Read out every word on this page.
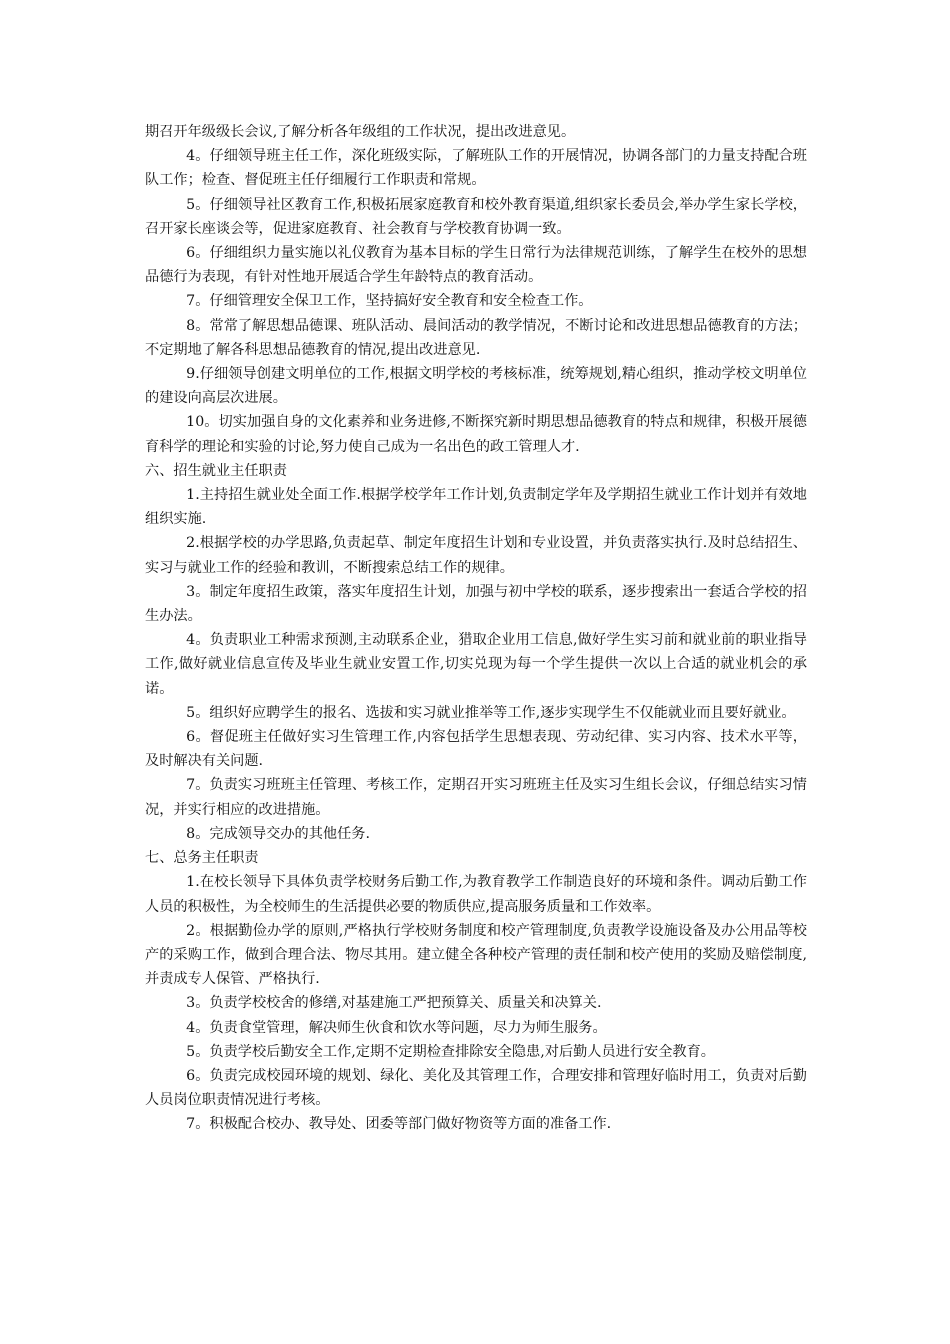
期召开年级级长会议,了解分析各年级组的工作状况，提出改进意见。

4。仔细领导班主任工作，深化班级实际，了解班队工作的开展情况，协调各部门的力量支持配合班队工作；检查、督促班主任仔细履行工作职责和常规。

5。仔细领导社区教育工作,积极拓展家庭教育和校外教育渠道,组织家长委员会,举办学生家长学校，召开家长座谈会等，促进家庭教育、社会教育与学校教育协调一致。

6。仔细组织力量实施以礼仪教育为基本目标的学生日常行为法律规范训练，了解学生在校外的思想品德行为表现，有针对性地开展适合学生年龄特点的教育活动。

7。仔细管理安全保卫工作，坚持搞好安全教育和安全检查工作。

8。常常了解思想品德课、班队活动、晨间活动的教学情况，不断讨论和改进思想品德教育的方法；不定期地了解各科思想品德教育的情况,提出改进意见.

9.仔细领导创建文明单位的工作,根据文明学校的考核标准，统筹规划,精心组织，推动学校文明单位的建设向高层次进展。

10。切实加强自身的文化素养和业务进修,不断探究新时期思想品德教育的特点和规律，积极开展德育科学的理论和实验的讨论,努力使自己成为一名出色的政工管理人才.

六、招生就业主任职责

1.主持招生就业处全面工作.根据学校学年工作计划,负责制定学年及学期招生就业工作计划并有效地组织实施.

2.根据学校的办学思路,负责起草、制定年度招生计划和专业设置，并负责落实执行.及时总结招生、实习与就业工作的经验和教训，不断搜索总结工作的规律。

3。制定年度招生政策，落实年度招生计划，加强与初中学校的联系，逐步搜索出一套适合学校的招生办法。

4。负责职业工种需求预测,主动联系企业，猎取企业用工信息,做好学生实习前和就业前的职业指导工作,做好就业信息宣传及毕业生就业安置工作,切实兑现为每一个学生提供一次以上合适的就业机会的承诺。

5。组织好应聘学生的报名、选拔和实习就业推举等工作,逐步实现学生不仅能就业而且要好就业。

6。督促班主任做好实习生管理工作,内容包括学生思想表现、劳动纪律、实习内容、技术水平等，及时解决有关问题.

7。负责实习班班主任管理、考核工作，定期召开实习班班主任及实习生组长会议，仔细总结实习情况，并实行相应的改进措施。

8。完成领导交办的其他任务.

七、总务主任职责

1.在校长领导下具体负责学校财务后勤工作,为教育教学工作制造良好的环境和条件。调动后勤工作人员的积极性，为全校师生的生活提供必要的物质供应,提高服务质量和工作效率。

2。根据勤俭办学的原则,严格执行学校财务制度和校产管理制度,负责教学设施设备及办公用品等校产的采购工作，做到合理合法、物尽其用。建立健全各种校产管理的责任制和校产使用的奖励及赔偿制度,并责成专人保管、严格执行.

3。负责学校校舍的修缮,对基建施工严把预算关、质量关和决算关.

4。负责食堂管理，解决师生伙食和饮水等问题，尽力为师生服务。

5。负责学校后勤安全工作,定期不定期检查排除安全隐患,对后勤人员进行安全教育。

6。负责完成校园环境的规划、绿化、美化及其管理工作，合理安排和管理好临时用工，负责对后勤人员岗位职责情况进行考核。

7。积极配合校办、教导处、团委等部门做好物资等方面的准备工作.
